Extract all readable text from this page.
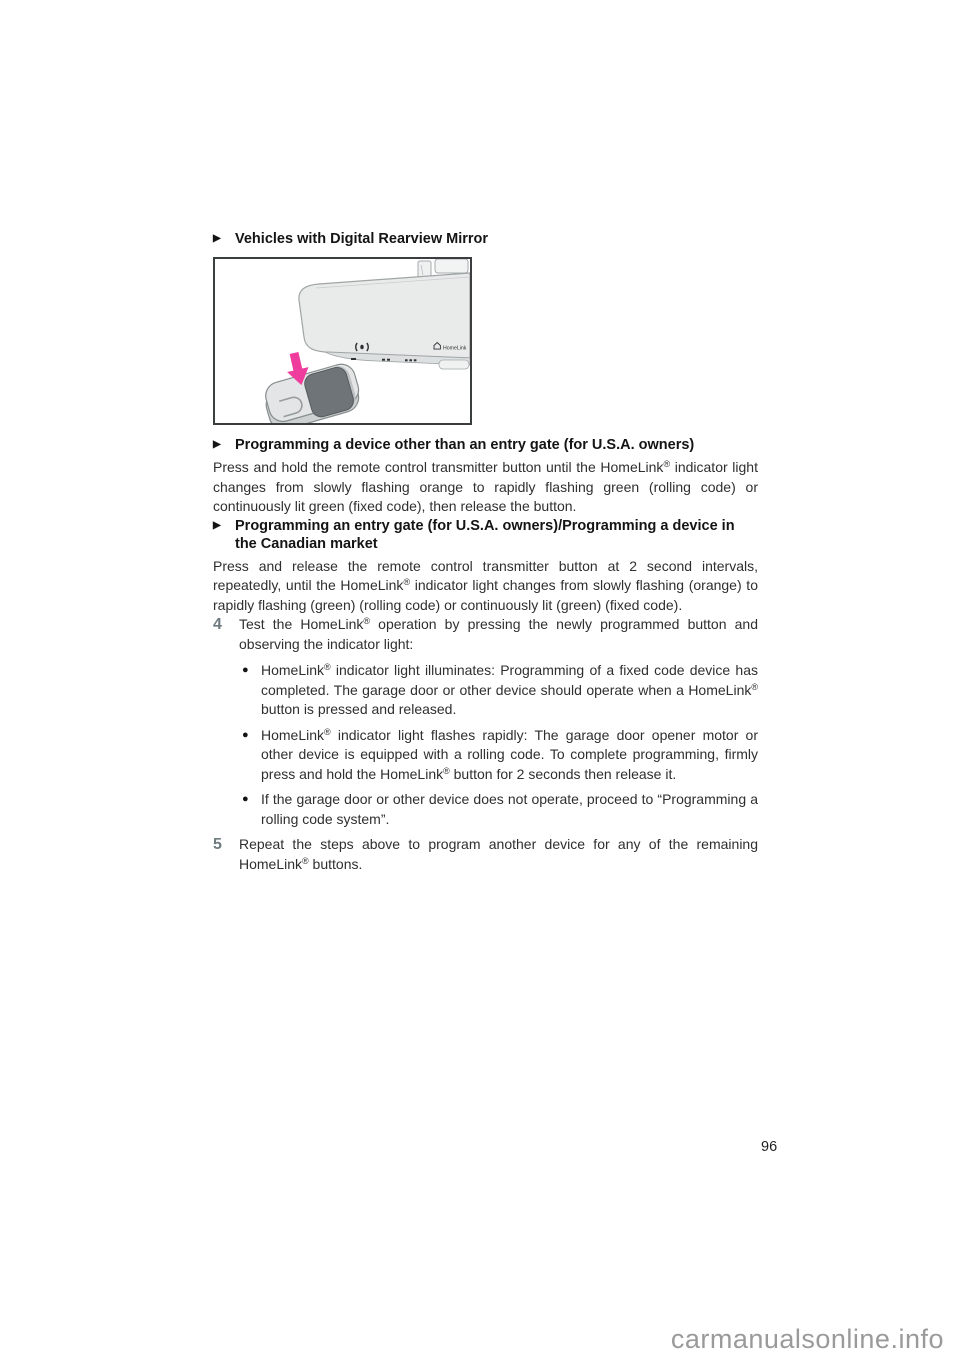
▶ Vehicles with Digital Rearview Mirror
HomeLink
▶ Programming a device other than an entry gate (for U.S.A. owners)

Press and hold the remote control transmitter button until the HomeLink® indicator light changes from slowly flashing orange to rapidly flashing green (rolling code) or continuously lit green (fixed code), then release the button.

▶ Programming an entry gate (for U.S.A. owners)/Programming a device in the Canadian market

Press and release the remote control transmitter button at 2 second intervals, repeatedly, until the HomeLink® indicator light changes from slowly flashing (orange) to rapidly flashing (green) (rolling code) or continuously lit (green) (fixed code).

4	Test the HomeLink® operation by pressing the newly programmed button and observing the indicator light:
● HomeLink® indicator light illuminates: Programming of a fixed code device has completed. The garage door or other device should operate when a HomeLink® button is pressed and released.
● HomeLink® indicator light flashes rapidly: The garage door opener motor or other device is equipped with a rolling code. To complete programming, firmly press and hold the HomeLink® button for 2 seconds then release it.
● If the garage door or other device does not operate, proceed to “Programming a rolling code system”.
5	Repeat the steps above to program another device for any of the remaining HomeLink® buttons.
96
carmanualsonline.info
